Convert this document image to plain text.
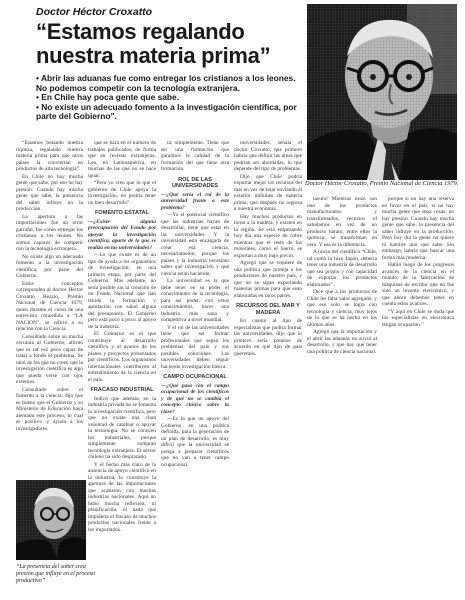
Doctor Héctor Croxatto
“Estamos regalando nuestra materia prima”

• Abrir las aduanas fue como entregar los cristianos a los leones. No podemos competir con la tecnología extranjera.

• En Chile hay poca gente que sabe.

• No existe un adecuado fomento a la investigación científica, por parte del Gobierno”.

Doctor Héctor Croxatto, Premio Nacional de Ciencia 1979.

“Estamos botando nuestra riqueza, regalando nuestra materia prima para que otros paises la conviertan en productos de alta tecnología”.

En Chile no hay mucha gente que sabe; por eso no hay presión. Cuando hay mucha gente que sabe, la presencia del saber influye en la producción.

La apertura a las importaciones fue un error garrafal, fue como entregar los cristianos a los leones. No somos capaces de competir con la tecnología extranjera.

No existe algo un adecuado fomento a la investigación científica, por parte del Gobierno.

Estos conceptos corresponden al doctor Héctor Croxatto Rezzio, Premio Nacional de Ciencia 1979, quien durante el curso de una entrevista concedida a “LA NACION”, se refirió a su relación con la Ciencia.

Consultado sobre su mucha cercanía al Gobierno, afirmó que es tal vez poco capaz de tratar a fondo el problema. Se unió de los que no creen que la investigación científica es algo que pueda verse con ojos externos.

Consultado sobre el fomento a la ciencia, dijo que es bueno que el Gobierno y su Ministerio de Educación haya alentado este proceso, lo cual es positivo y ayuda a los investigadores.

“La presencia del saber crea presión que influye en el proceso productivo”

que se hará en el número de trabajos publicados, de forma que en revistas extranjeras. Leo, en Latinoamérica, en muchas de las que no se hace igual.

“Pero yo creo que lo que el gobierno de Chile apoya la investigación, no podría tener un bien desarrollo”.

FOMENTO ESTATAL

—¿Existe alguna preocupación del Estado por apoyar la investigación científica, aparte de lo que se realiza en las universidades?

—Lo que existe es de un tipo de ayuda a los organismos de investigación; en una primera etapa, por parte del Gobierno. Más adelante, no sería posible sin la creación de un Fondo Nacional que han tenido la formación y aportación con salud alguna del presupuesto. El Gobierno pero está poco a poco al apoyo de la industria.

El Gobierno es el que contribuye al desarrollo científico y al avance de los planes y proyectos presentados por científicos. Los organismos internacionales contribuyen al entendimiento de la ciencia en el país.

FRACASO INDUSTRIAL

Indicó que además, en la industria privada no se fomenta la investigación científica, pero que no existe una clara voluntad de cambiar o apoyar la tecnología. No se conocen los industriales, porque simplemente compran tecnología extranjera. El sector chileno ha sido desplazado.

Y el hecho más claro de la ausencia de apoyo científico en la industria, lo constituye la apertura de las importaciones que acabaron con muchas industrias nacionales. Aquí no hubo mucha reflexión, ni planificación, ni nada que impidiera el fracaso de muchos productos nacionales frente a los importados.

ta; simplemente. Tiene que ser una formación que garantice la calidad de la formación del que tiene otra formación.

ROL DE LAS UNIVERSIDADES

—¿Qué sería el rol de la universidad frente a este problema?

—Yo el potencial científico que las industrias hayan de desarrollar, tiene que estar en las universidades. Y la universidad está encargada de crear esa ciencia, necesariamente; porque los países y la industria necesitan saber qué investigación y qué ciencia están haciendo.

La universidad es la que debe tener en su poder el conocimiento de la tecnología, para así poder, con estos conocimientos, hacer una industria más sana y competitiva a nivel mundial.

Y el rol de las universidades tiene que ser formar profesionales que sepan los problemas del país y sus posibles soluciones. Las universidades deben seguir haciendo investigación básica.

CAMPO OCUPACIONAL

—¿Qué pasa con el campo ocupacional de los científicos y de qué no se cambia el concepto clásico sobre la clase?

—Es lo que un apoyo del Gobierno, en una política definida, para la generación de un plan de desarrollo, es muy difícil que la universidad se ponga a preparar científicos que no van a tener campo ocupacional.

universidades, señala el doctor Croxatto, que primero habría que definir las áreas que podrían ser abordadas, lo que depende del tipo de problemas.

Dijo que Chile podría exportar mejor los recursos del mar en vez de estar enviando al exterior millones de materia prima, que después no regresa a nuestra economía.

Hay muchos productos en torno a la madera, y existen en la región. Se está empezando hoy día una especie de cobre mientras que el resto de los minerales, como el hierro, se exportan a muy bajo precio.

Agregó que se requiere de una política que proteja a los productores de nuestro país, y que no se sigan exportando materias primas para que sean elaboradas en otros países.

RECURSOS DEL MAR Y MADERA

En cuanto al tipo de especialistas que podría formar las universidades, dijo que lo primero sería ponerse de acuerdo en qué tipo de país queremos.

taculo! Mientras estos son uno de los productos manufacturados y transformados, recursos el saludamos en vez de un producto barato, entre ellos la química, se transforman en cero. Y esa es la diferencia.

A juicio del científico “Chile, tal como lo hizo Japón, debería tener una industria de desarrollo que sea propio y con capacidad de exportar los productos elaborados”.

Dice que a los productos de Chile les falta valor agregado, y que eso solo se logra con tecnología y ciencia, muy lejos de lo que se ha hecho en los últimos años.

Agregó que la importación y el abrir las aduanas no sirvió al desarrollo, y que hay que tener una política de ciencia nacional.

porque si no hay una reserva en favor en el país, si no hay mucha gente que sepa cosas, no hay presión. Cuando hay mucha gente que sabe, la presencia del saber influye en la producción. Pero hoy día la gente no quiere ni hambre uno que sabe. Sin embargo, habría que buscar una forma más moderna.

Habló luego de los progresos avances de la ciencia en el mundo, de la fabricación de máquinas de escribir que no fue sino un invento electrónico, y que ahora debemos tener en cuenta estos avances.

“Y aquí en Chile se duda que los especialistas en electrónica tengan ocupación.”
